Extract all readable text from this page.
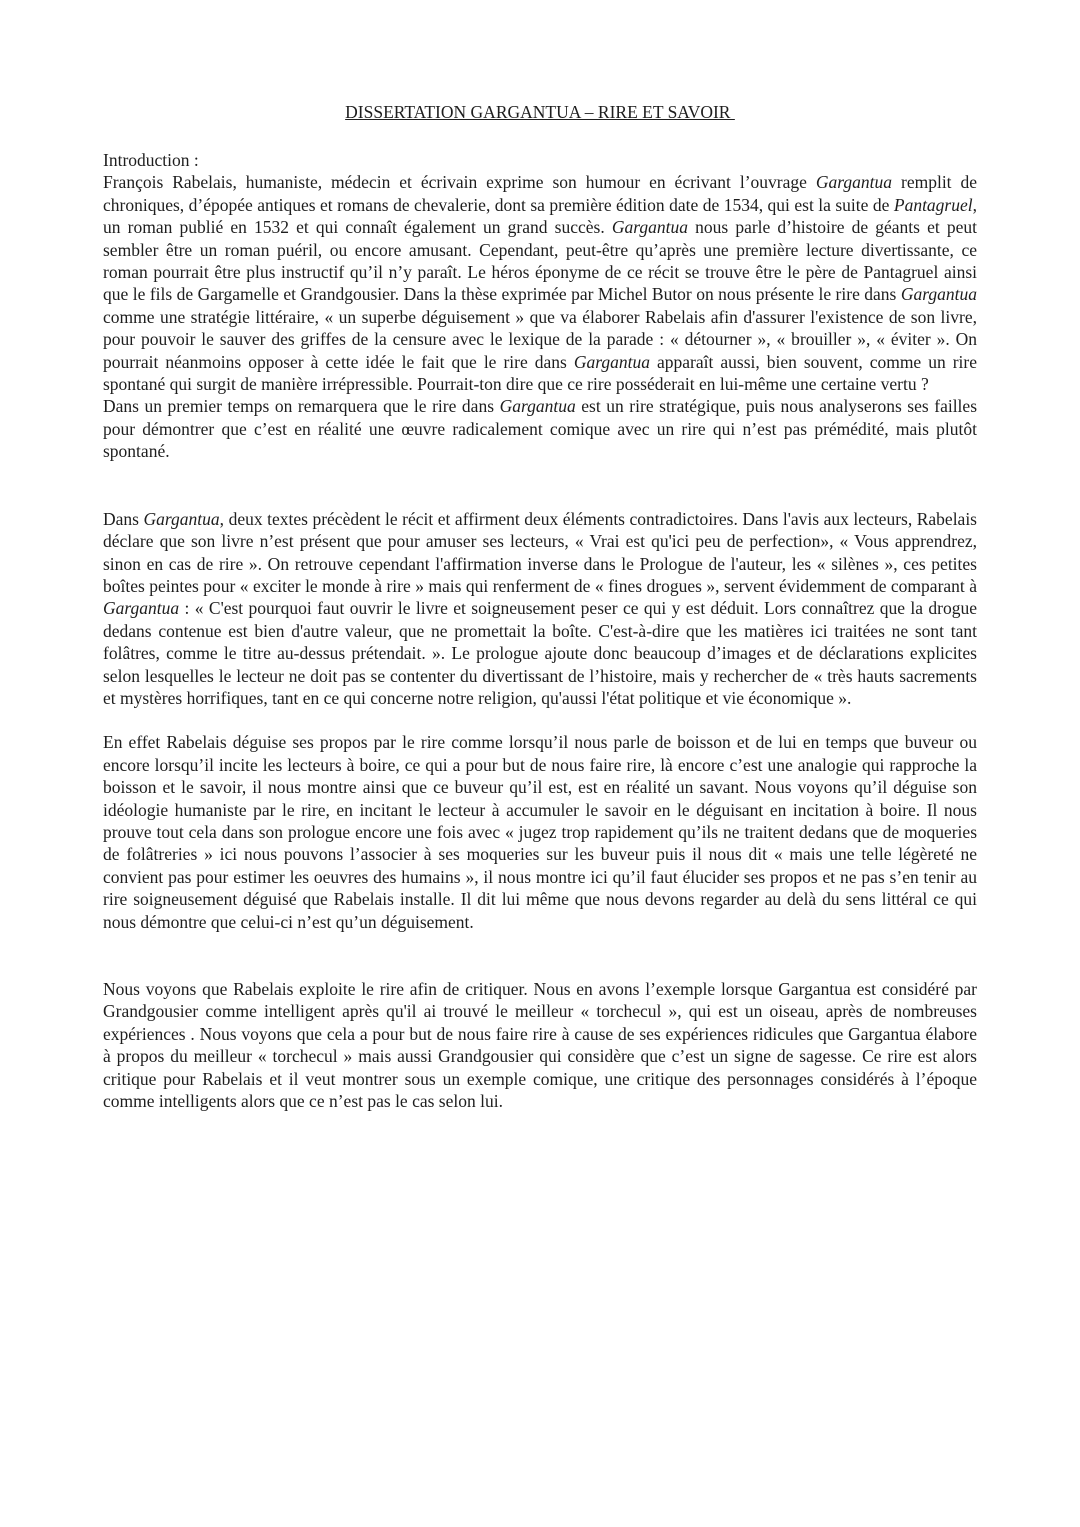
DISSERTATION GARGANTUA – RIRE ET SAVOIR

Introduction :

François Rabelais, humaniste, médecin et écrivain exprime son humour en écrivant l’ouvrage Gargantua remplit de chroniques, d’épopée antiques et romans de chevalerie, dont sa première édition date de 1534, qui est la suite de Pantagruel, un roman publié en 1532 et qui connaît également un grand succès. Gargantua nous parle d’histoire de géants et peut sembler être un roman puéril, ou encore amusant. Cependant, peut-être qu’après une première lecture divertissante, ce roman pourrait être plus instructif qu’il n’y paraît. Le héros éponyme de ce récit se trouve être le père de Pantagruel ainsi que le fils de Gargamelle et Grandgousier. Dans la thèse exprimée par Michel Butor on nous présente le rire dans Gargantua comme une stratégie littéraire, « un superbe déguisement » que va élaborer Rabelais afin d'assurer l'existence de son livre, pour pouvoir le sauver des griffes de la censure avec le lexique de la parade : « détourner », « brouiller », « éviter ». On pourrait néanmoins opposer à cette idée le fait que le rire dans Gargantua apparaît aussi, bien souvent, comme un rire spontané qui surgit de manière irrépressible. Pourrait-ton dire que ce rire posséderait en lui-même une certaine vertu ?

Dans un premier temps on remarquera que le rire dans Gargantua est un rire stratégique, puis nous analyserons ses failles pour démontrer que c’est en réalité une œuvre radicalement comique avec un rire qui n’est pas prémédité, mais plutôt spontané.

Dans Gargantua, deux textes précèdent le récit et affirment deux éléments contradictoires. Dans l'avis aux lecteurs, Rabelais déclare que son livre n’est présent que pour amuser ses lecteurs, « Vrai est qu'ici peu de perfection», « Vous apprendrez, sinon en cas de rire ». On retrouve cependant l'affirmation inverse dans le Prologue de l'auteur, les « silènes », ces petites boîtes peintes pour « exciter le monde à rire » mais qui renferment de « fines drogues », servent évidemment de comparant à Gargantua : « C'est pourquoi faut ouvrir le livre et soigneusement peser ce qui y est déduit. Lors connaîtrez que la drogue dedans contenue est bien d'autre valeur, que ne promettait la boîte. C'est-à-dire que les matières ici traitées ne sont tant folâtres, comme le titre au-dessus prétendait. ». Le prologue ajoute donc beaucoup d’images et de déclarations explicites selon lesquelles le lecteur ne doit pas se contenter du divertissant de l’histoire, mais y rechercher de « très hauts sacrements et mystères horrifiques, tant en ce qui concerne notre religion, qu'aussi l'état politique et vie économique ».

En effet Rabelais déguise ses propos par le rire comme lorsqu’il nous parle de boisson et de lui en temps que buveur ou encore lorsqu’il incite les lecteurs à boire, ce qui a pour but de nous faire rire, là encore c’est une analogie qui rapproche la boisson et le savoir, il nous montre ainsi que ce buveur qu’il est, est en réalité un savant. Nous voyons qu’il déguise son idéologie humaniste par le rire, en incitant le lecteur à accumuler le savoir en le déguisant en incitation à boire. Il nous prouve tout cela dans son prologue encore une fois avec « jugez trop rapidement qu’ils ne traitent dedans que de moqueries de folâtreries » ici nous pouvons l’associer à ses moqueries sur les buveur puis il nous dit « mais une telle légèreté ne convient pas pour estimer les oeuvres des humains », il nous montre ici qu’il faut élucider ses propos et ne pas s’en tenir au rire soigneusement déguisé que Rabelais installe. Il dit lui même que nous devons regarder au delà du sens littéral ce qui nous démontre que celui-ci n’est qu’un déguisement.

Nous voyons que Rabelais exploite le rire afin de critiquer. Nous en avons l’exemple lorsque Gargantua est considéré par Grandgousier comme intelligent après qu'il ai trouvé le meilleur « torchecul », qui est un oiseau, après de nombreuses expériences . Nous voyons que cela a pour but de nous faire rire à cause de ses expériences ridicules que Gargantua élabore à propos du meilleur « torchecul » mais aussi Grandgousier qui considère que c’est un signe de sagesse. Ce rire est alors critique pour Rabelais et il veut montrer sous un exemple comique, une critique des personnages considérés à l’époque comme intelligents alors que ce n’est pas le cas selon lui.
